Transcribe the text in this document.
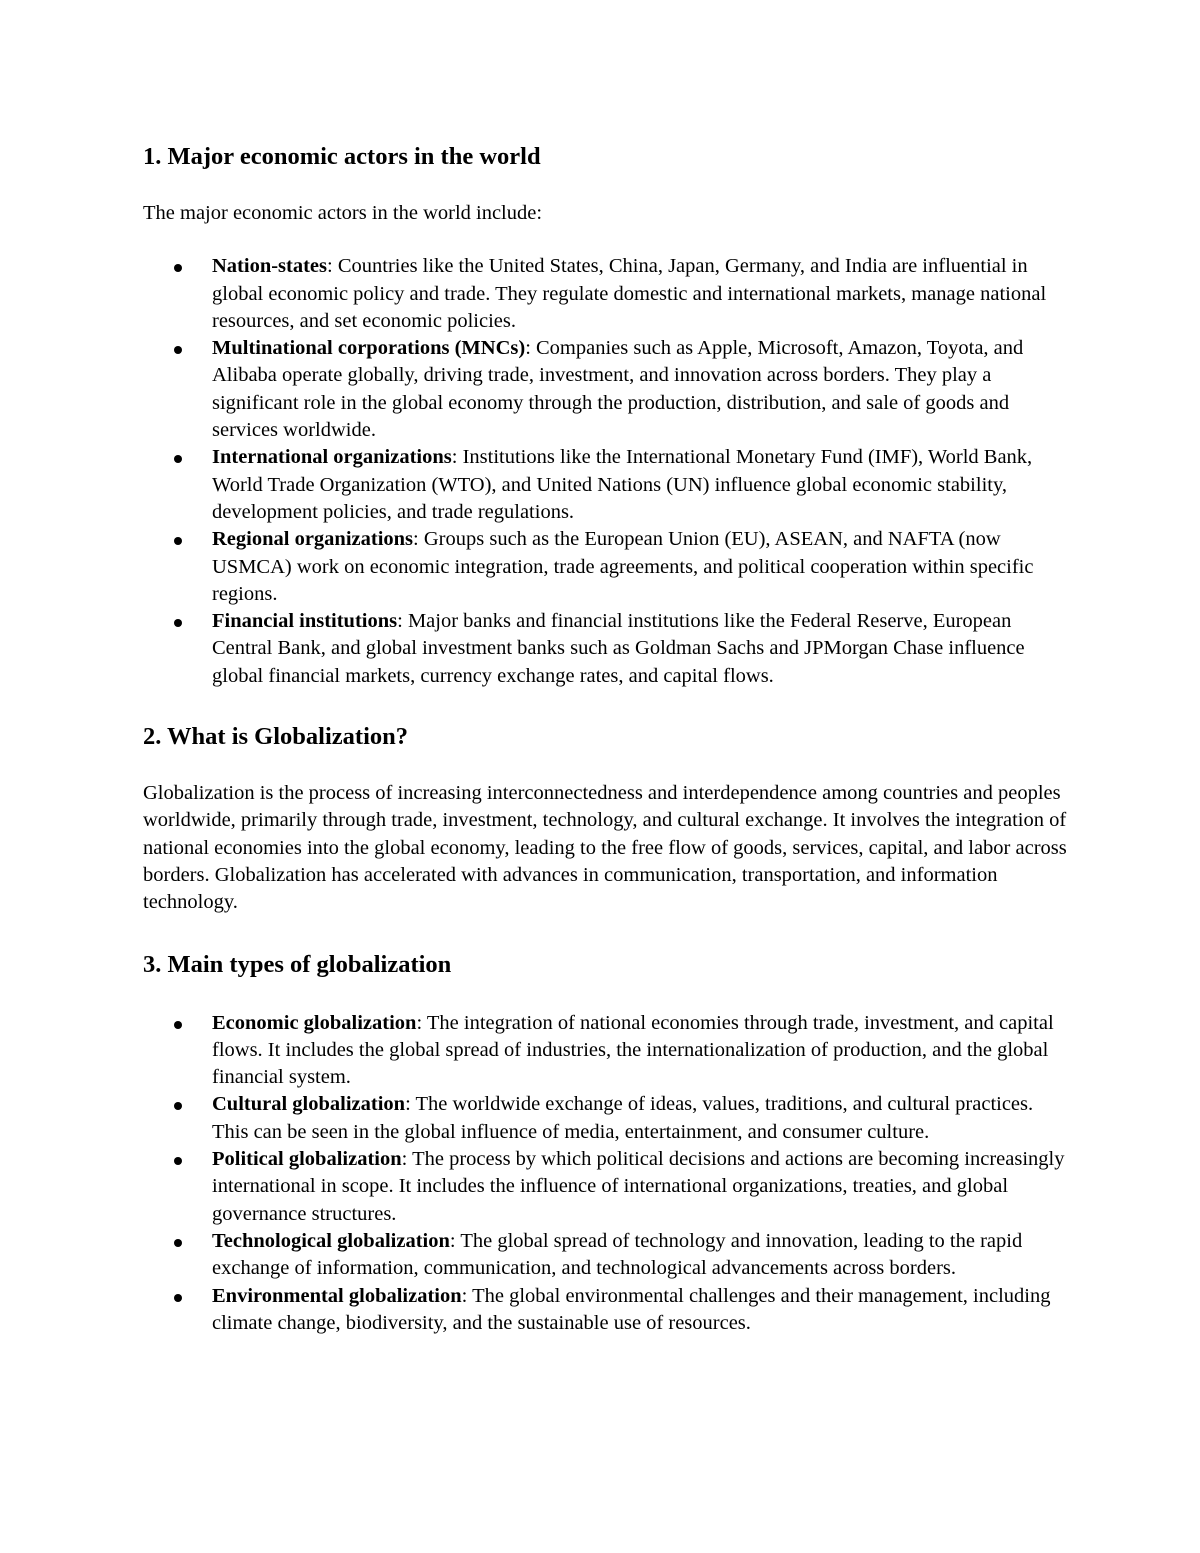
1. Major economic actors in the world

The major economic actors in the world include:

Nation-states: Countries like the United States, China, Japan, Germany, and India are influential in global economic policy and trade. They regulate domestic and international markets, manage national resources, and set economic policies.
Multinational corporations (MNCs): Companies such as Apple, Microsoft, Amazon, Toyota, and Alibaba operate globally, driving trade, investment, and innovation across borders. They play a significant role in the global economy through the production, distribution, and sale of goods and services worldwide.
International organizations: Institutions like the International Monetary Fund (IMF), World Bank, World Trade Organization (WTO), and United Nations (UN) influence global economic stability, development policies, and trade regulations.
Regional organizations: Groups such as the European Union (EU), ASEAN, and NAFTA (now USMCA) work on economic integration, trade agreements, and political cooperation within specific regions.
Financial institutions: Major banks and financial institutions like the Federal Reserve, European Central Bank, and global investment banks such as Goldman Sachs and JPMorgan Chase influence global financial markets, currency exchange rates, and capital flows.
2. What is Globalization?

Globalization is the process of increasing interconnectedness and interdependence among countries and peoples worldwide, primarily through trade, investment, technology, and cultural exchange. It involves the integration of national economies into the global economy, leading to the free flow of goods, services, capital, and labor across borders. Globalization has accelerated with advances in communication, transportation, and information technology.

3. Main types of globalization
Economic globalization: The integration of national economies through trade, investment, and capital flows. It includes the global spread of industries, the internationalization of production, and the global financial system.
Cultural globalization: The worldwide exchange of ideas, values, traditions, and cultural practices. This can be seen in the global influence of media, entertainment, and consumer culture.
Political globalization: The process by which political decisions and actions are becoming increasingly international in scope. It includes the influence of international organizations, treaties, and global governance structures.
Technological globalization: The global spread of technology and innovation, leading to the rapid exchange of information, communication, and technological advancements across borders.
Environmental globalization: The global environmental challenges and their management, including climate change, biodiversity, and the sustainable use of resources.
